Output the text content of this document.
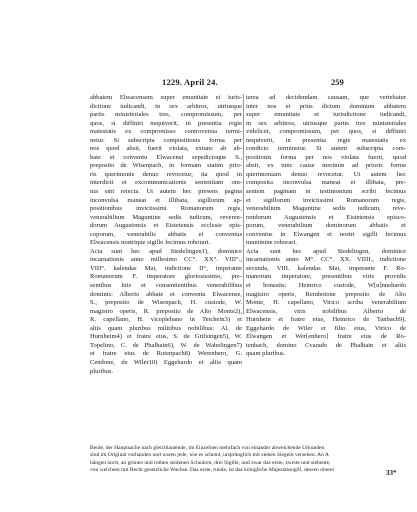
1229. April 24.	259
abbatem Elwacensem super emunitate et iuris-
dictione iudicandi, in sex arbitros, utriusque
partis ministeriales tres, compromissum, per
quos, si diffiniri nequiverit, in presentia regie
maiestatis ex compromisso controversia termi-
netur. Si subscripta compositionis forma per
nos quod absit, fuerit violata, extunc ab ab-
bate et conventu Elwacensi sepedictoque S.,
preposito de Wisenpach, in formam statim prio-
ris querimonie denuo revocetur, ita quod in
interdicti et excommunicationis sententiam om-
nia sint reiecta. Ut autem hec presens pagina
inconvulsa maneat et illibata, sigillorum ap-
positionibus invictissimi Romanorum regis,
venerabilium Maguntine sedis iudicum, reveren-
dorum Augustensis et Eistetensis ecclesie epis-
coporum, venerabilis abbatis et conventus
Elwacensis nostrique sigillo fecimus roborari.
Acta sunt hec apud Stedelingen1), dominice
incarnationis anno millesimo CC°. XX°. VIII°.,
VIII°. kalendas Mai, indictione II°, imperante
Romanorum F. imperatore gloriosissimo, pre-
sentibus hiis et consentientibus venerabilibus
dominis: Alberto abbate et conventu Elwacense,
S., preposito de Wisenpach, H. custode, W.
magistro operis, R. preposito de Alto Monte2),
R. capellano, H. viceplebano in Teichein3) et
aliis quam pluribus militibus nobilibus: Al. de
Hurnheim4) et fratre eius, S. de Grifsingen5), W.
Topelino, C. de Phalhain6), W. de Wabelingen7)
et fratre eius de Rotenpach8) Werenhero, G.
Cendone, de Wiler10) Eggehardo et aliis quam
pluribus.
terea ad decidendam causam, que vertebatur
inter nos et prius dictum dominum abbatem
super emunitate et iurisdictione iudicandi,
in sex arbitros, utriusque partis tres ministeriales
videlicet, compromissum, per quos, si diffiniri
nequiverit, in presentia regie maiestatis ex
condicto terminetur. Si autem subscripta com-
positionis forma per nos violata fuerit, quod
absit, ex tunc cause meritum ad prioris forme
querimoniam denuo revocetur. Ut autem hec
composita inconvulsa maneat et illibata, pre-
sentem paginam in testimonium scribi fecimus
et sigillorum invictissimi Romanorum regis,
venerabilium Maguntine sedis iudicum, reve-
rendorum Augustensis et Eistetensis episco-
porum, venerabilium dominorum abbatis et
conventus in Elwangen et nostri sigilli fecimus
muniminе roborari.
Acta sunt hec apud Stedelingen, dominice
incarnationis anno M°. CC°. XX. VIIII., indictione
secunda, VIII. kalendas Mai, imperante F. Ro-
manorum imperatore, presentibus viris providis
et honestis: Heinrico custode, W[u]nnehardo
magistro operis, Reinbotone preposito de Alto
Monte, H. capellano, Virico scriba venerabilium
Elwacensis, viris nobilibus Alberto de
Hurnhein et fratre eius, Heinrico de Tanbach9),
Eggehardo de Wiler et filio eius, Virico de
Elwangen et Wer[enhero] fratre eius de Ro-
tenbach, domino Cvarado de Phalhain et aliis
quam pluribus.
Beide, der Hauptsache nach gleichlautende, im Einzelnen mehrfach von einander abweichende Urkunden
sind im Original vorhanden und waren jede, wie es scheint, ursprünglich mit sieben Siegeln versehen. An A
hängen noch, an grünen und rothen seidenen Schnüren, drei Sigille, und zwar das erste, zweite und siebente,
von welchem mit Recht gesetzliche Wachse. Das erste, runde, ist das königliche Majestätssigill, dessen oberer	33*
